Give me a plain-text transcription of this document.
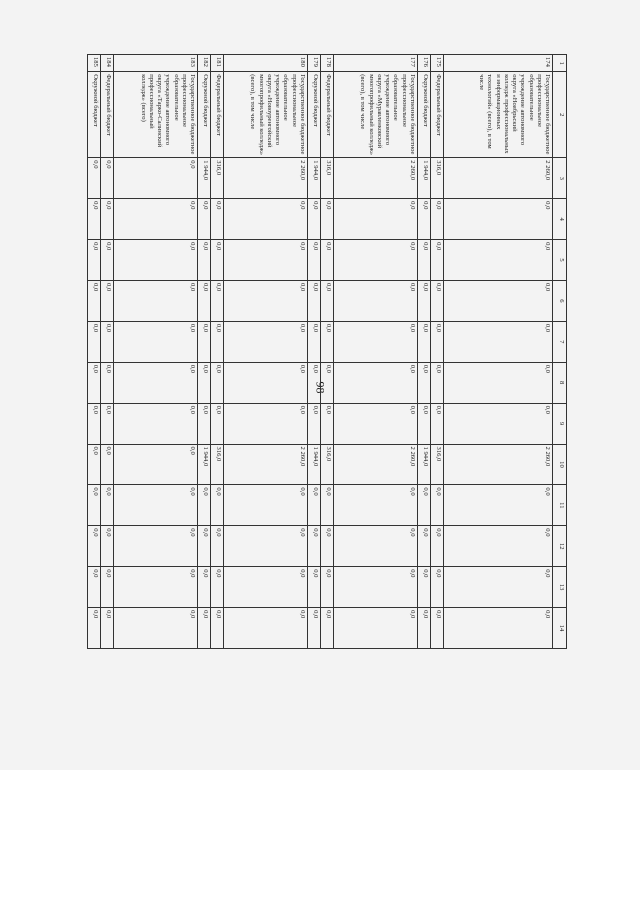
98
1	2	3	4	5	6	7	8	9	10	11	12	13	14
174	Государственное бюджетное профессиональное образовательное учреждение автономного округа «Ноябрьский колледж профессиональных и информационных технологий» (всего), в том числе	2 260,0	0,0	0,0	0,0	0,0	0,0	0,0	2 260,0	0,0	0,0	0,0	0,0
175	Федеральный бюджет	316,0	0,0	0,0	0,0	0,0	0,0	0,0	316,0	0,0	0,0	0,0	0,0
176	Окружной бюджет	1 944,0	0,0	0,0	0,0	0,0	0,0	0,0	1 944,0	0,0	0,0	0,0	0,0
177	Государственное бюджетное профессиональное образовательное учреждение автономного округа «Муравленковский многопрофильный колледж» (всего), в том числе	2 260,0	0,0	0,0	0,0	0,0	0,0	0,0	2 260,0	0,0	0,0	0,0	0,0
178	Федеральный бюджет	316,0	0,0	0,0	0,0	0,0	0,0	0,0	316,0	0,0	0,0	0,0	0,0
179	Окружной бюджет	1 944,0	0,0	0,0	0,0	0,0	0,0	0,0	1 944,0	0,0	0,0	0,0	0,0
180	Государственное бюджетное профессиональное образовательное учреждение автономного округа «Новоуренгойский многопрофильный колледж» (всего), в том числе	2 260,0	0,0	0,0	0,0	0,0	0,0	0,0	2 260,0	0,0	0,0	0,0	0,0
181	Федеральный бюджет	316,0	0,0	0,0	0,0	0,0	0,0	0,0	316,0	0,0	0,0	0,0	0,0
182	Окружной бюджет	1 944,0	0,0	0,0	0,0	0,0	0,0	0,0	1 944,0	0,0	0,0	0,0	0,0
183	Государственное бюджетное профессиональное образовательное учреждение автономного округа «Тарко-Салинский профессиональный колледж» (всего)	0,0	0,0	0,0	0,0	0,0	0,0	0,0	0,0	0,0	0,0	0,0	0,0
184	Федеральный бюджет	0,0	0,0	0,0	0,0	0,0	0,0	0,0	0,0	0,0	0,0	0,0	0,0
185	Окружной бюджет	0,0	0,0	0,0	0,0	0,0	0,0	0,0	0,0	0,0	0,0	0,0	0,0
